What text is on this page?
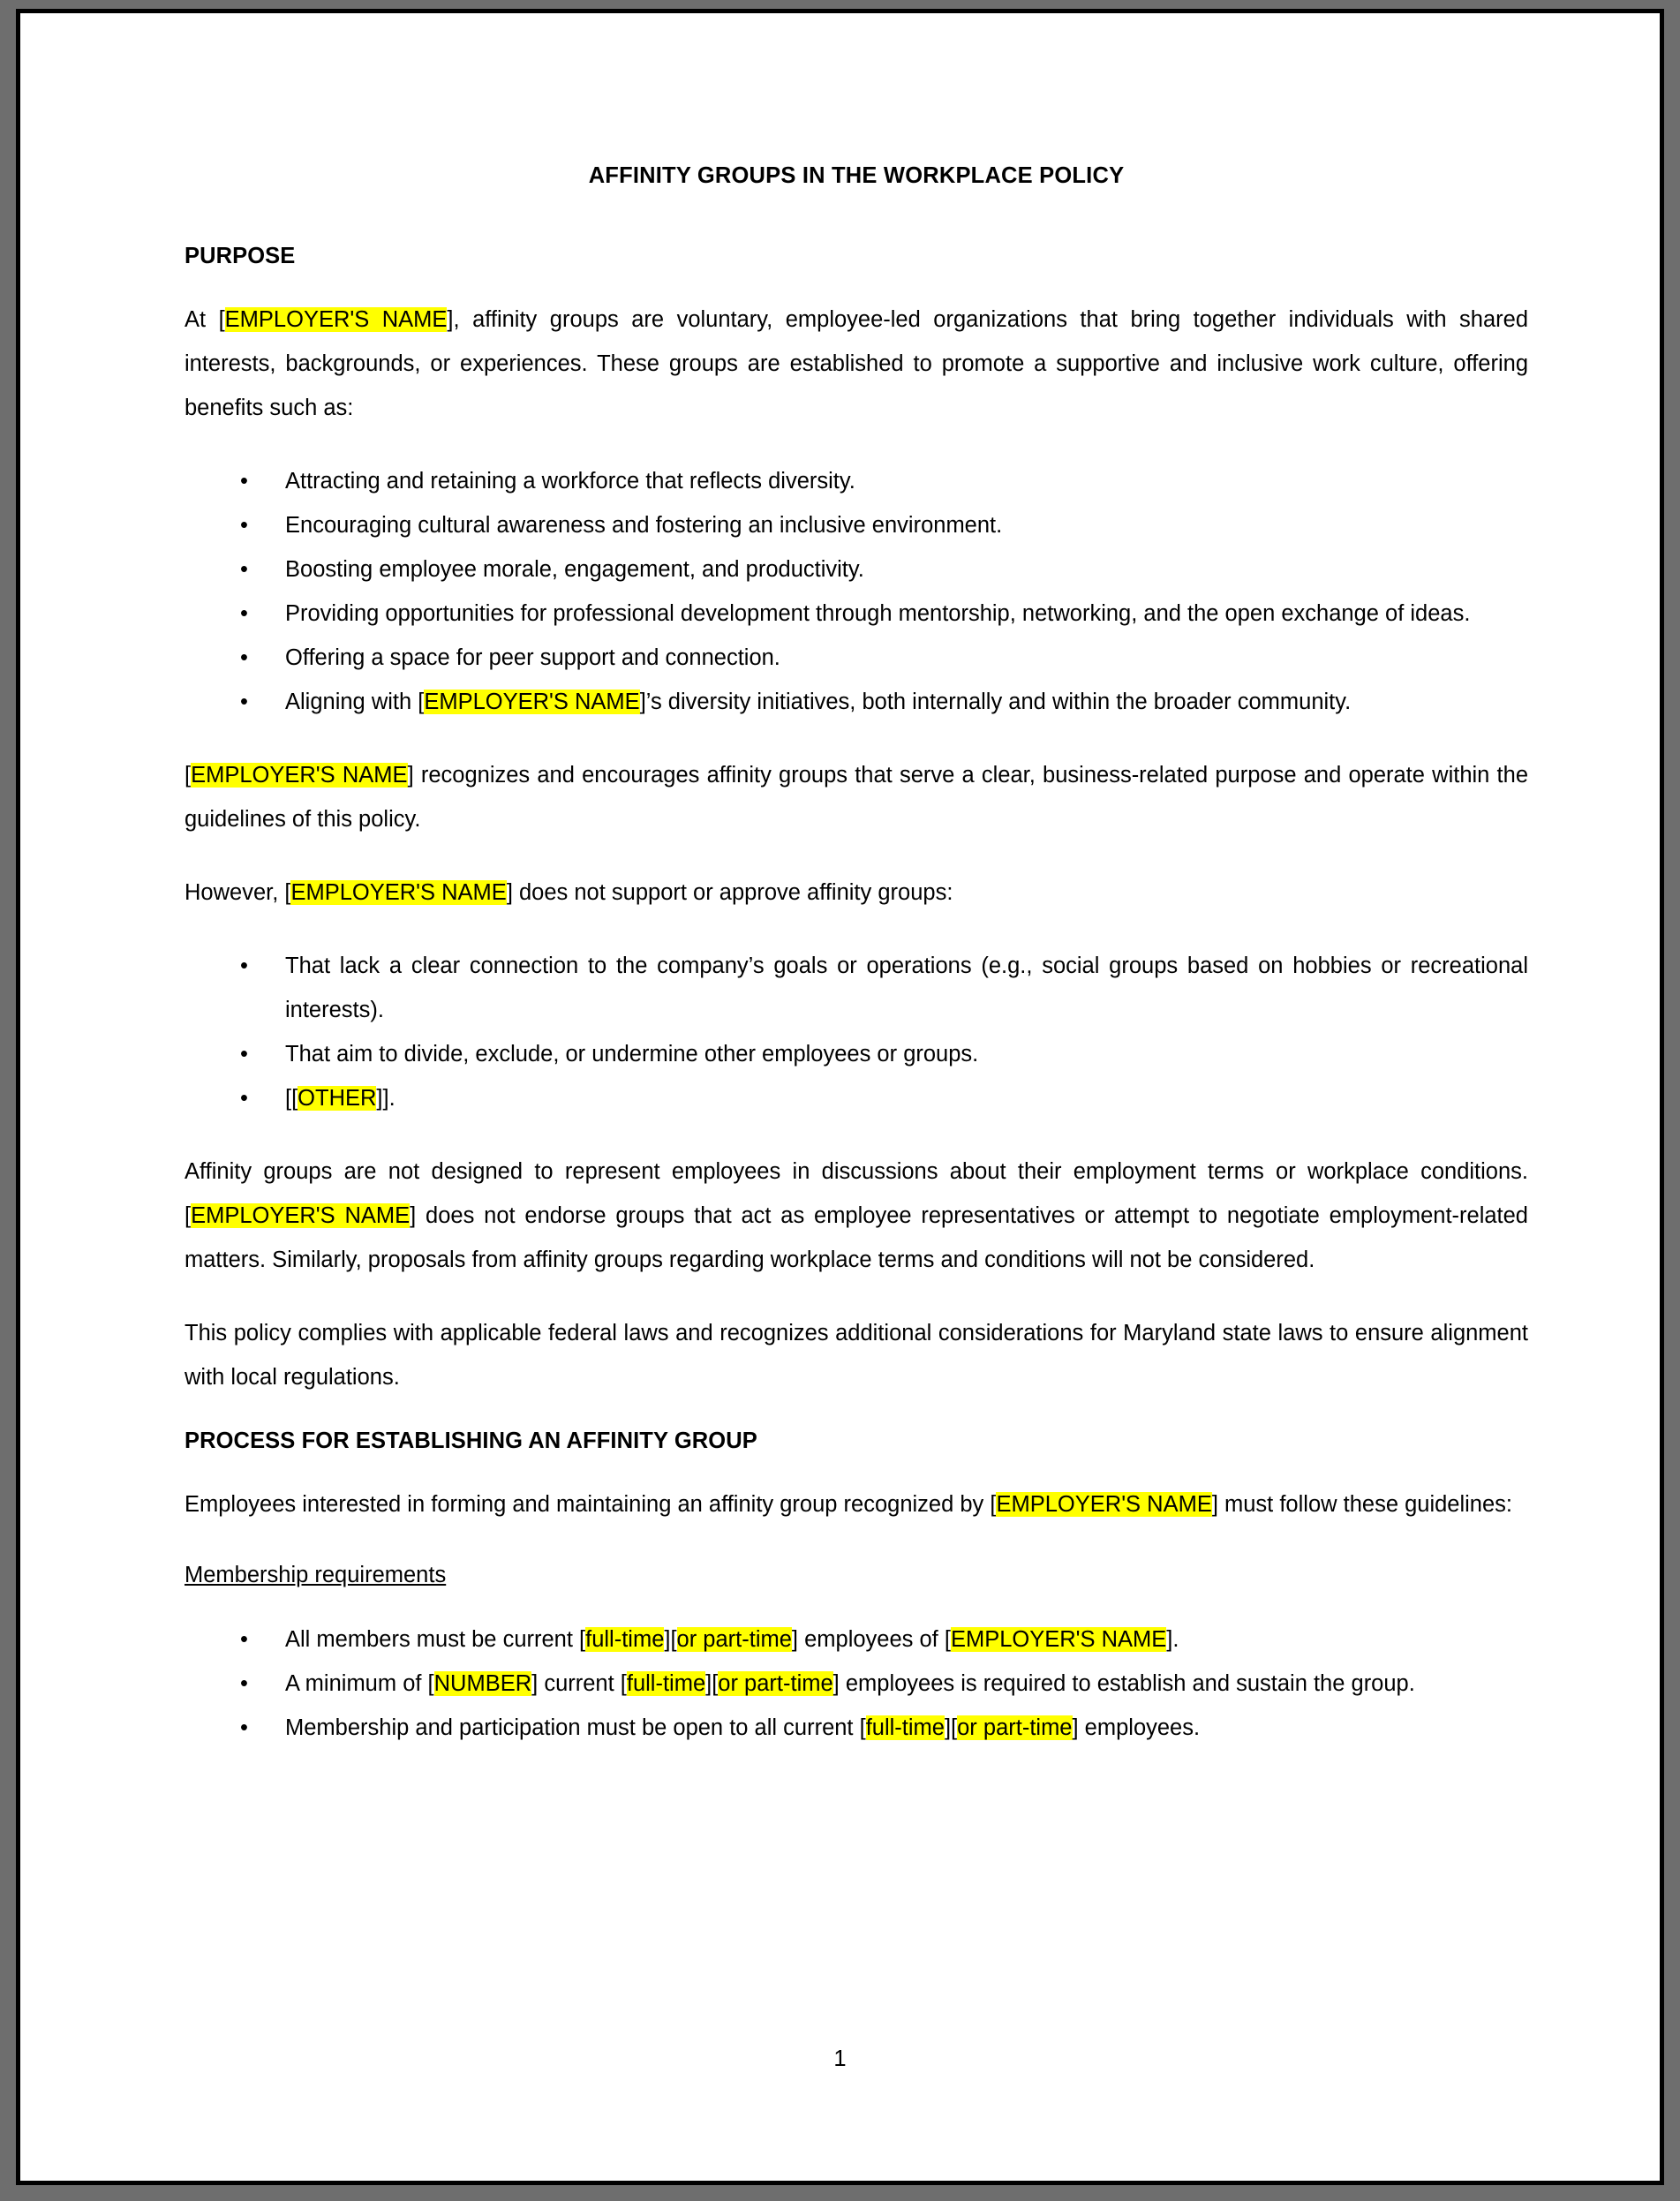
AFFINITY GROUPS IN THE WORKPLACE POLICY
PURPOSE

At [EMPLOYER'S NAME], affinity groups are voluntary, employee-led organizations that bring together individuals with shared interests, backgrounds, or experiences. These groups are established to promote a supportive and inclusive work culture, offering benefits such as:

• Attracting and retaining a workforce that reflects diversity.
• Encouraging cultural awareness and fostering an inclusive environment.
• Boosting employee morale, engagement, and productivity.
• Providing opportunities for professional development through mentorship, networking, and the open exchange of ideas.
• Offering a space for peer support and connection.
• Aligning with [EMPLOYER'S NAME]’s diversity initiatives, both internally and within the broader community.

[EMPLOYER'S NAME] recognizes and encourages affinity groups that serve a clear, business-related purpose and operate within the guidelines of this policy.

However, [EMPLOYER'S NAME] does not support or approve affinity groups:

• That lack a clear connection to the company’s goals or operations (e.g., social groups based on hobbies or recreational interests).
• That aim to divide, exclude, or undermine other employees or groups.
• [[OTHER]].

Affinity groups are not designed to represent employees in discussions about their employment terms or workplace conditions. [EMPLOYER'S NAME] does not endorse groups that act as employee representatives or attempt to negotiate employment-related matters. Similarly, proposals from affinity groups regarding workplace terms and conditions will not be considered.

This policy complies with applicable federal laws and recognizes additional considerations for Maryland state laws to ensure alignment with local regulations.

PROCESS FOR ESTABLISHING AN AFFINITY GROUP

Employees interested in forming and maintaining an affinity group recognized by [EMPLOYER'S NAME] must follow these guidelines:

Membership requirements
• All members must be current [full-time][or part-time] employees of [EMPLOYER'S NAME].
• A minimum of [NUMBER] current [full-time][or part-time] employees is required to establish and sustain the group.
• Membership and participation must be open to all current [full-time][or part-time] employees.
1
